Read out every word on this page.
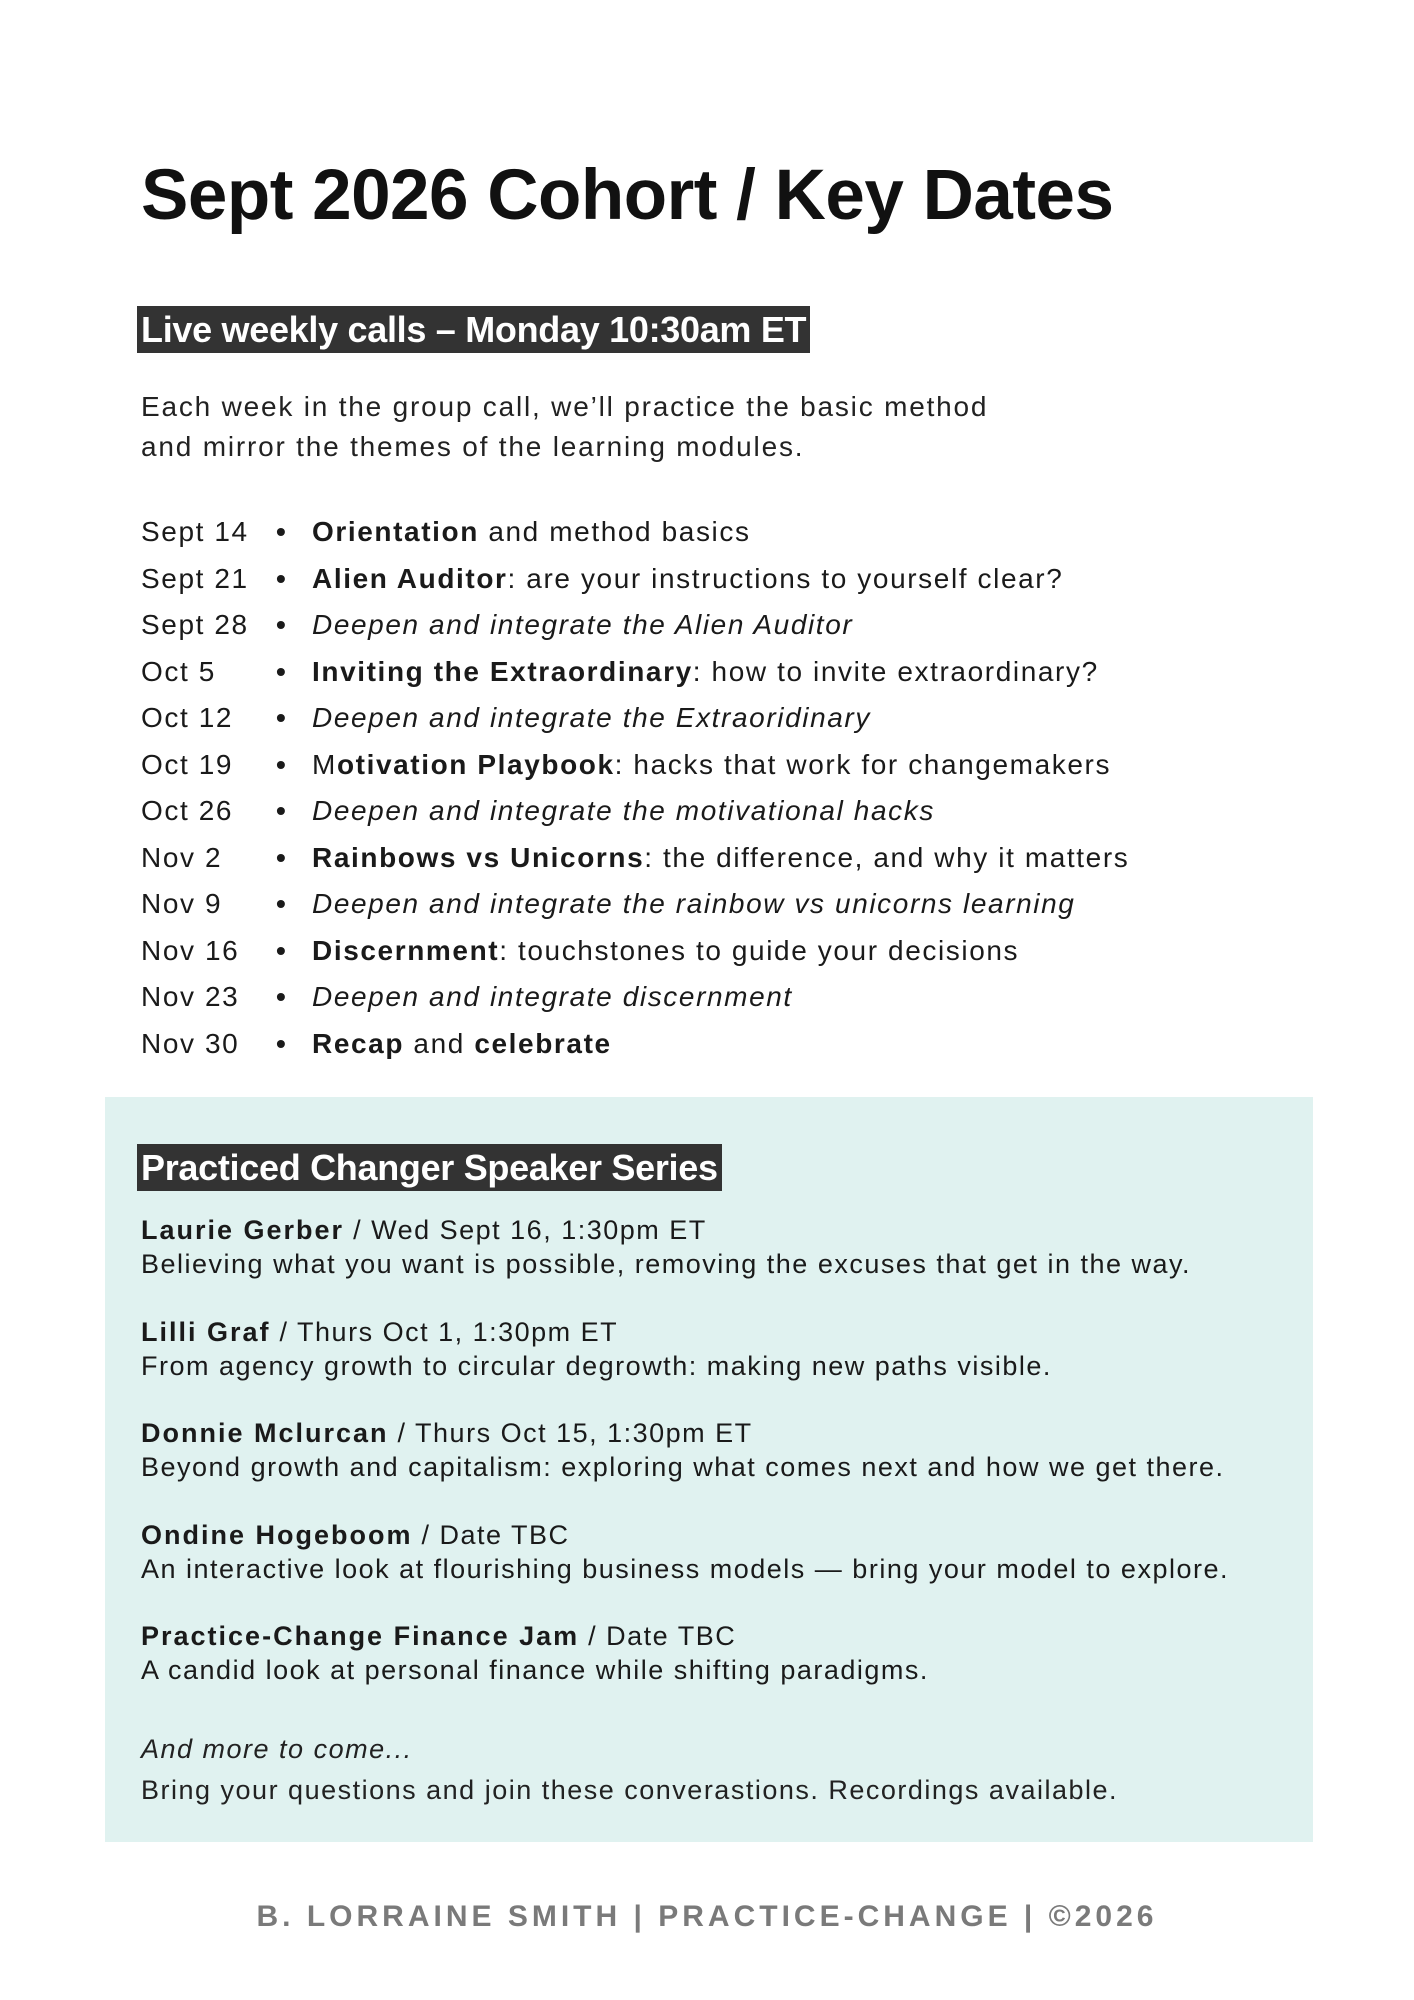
Sept 2026 Cohort / Key Dates
Live weekly calls – Monday 10:30am ET
Each week in the group call, we’ll practice the basic method
and mirror the themes of the learning modules.
Sept 14 • Orientation and method basics
Sept 21 • Alien Auditor: are your instructions to yourself clear?
Sept 28 • Deepen and integrate the Alien Auditor
Oct 5	• Inviting the Extraordinary: how to invite extraordinary?
Oct 12	• Deepen and integrate the Extraoridinary
Oct 19	• Motivation Playbook: hacks that work for changemakers
Oct 26	• Deepen and integrate the motivational hacks
Nov 2	• Rainbows vs Unicorns: the difference, and why it matters
Nov 9	• Deepen and integrate the rainbow vs unicorns learning
Nov 16	• Discernment: touchstones to guide your decisions
Nov 23	• Deepen and integrate discernment
Nov 30	• Recap and celebrate
Practiced Changer Speaker Series
Laurie Gerber / Wed Sept 16, 1:30pm ET
Believing what you want is possible, removing the excuses that get in the way.
Lilli Graf / Thurs Oct 1, 1:30pm ET
From agency growth to circular degrowth: making new paths visible.
Donnie Mclurcan / Thurs Oct 15, 1:30pm ET
Beyond growth and capitalism: exploring what comes next and how we get there.
Ondine Hogeboom / Date TBC
An interactive look at flourishing business models — bring your model to explore.
Practice-Change Finance Jam / Date TBC
A candid look at personal finance while shifting paradigms.

And more to come...

Bring your questions and join these converastions. Recordings available.

B. LORRAINE SMITH | PRACTICE-CHANGE | ©2026
